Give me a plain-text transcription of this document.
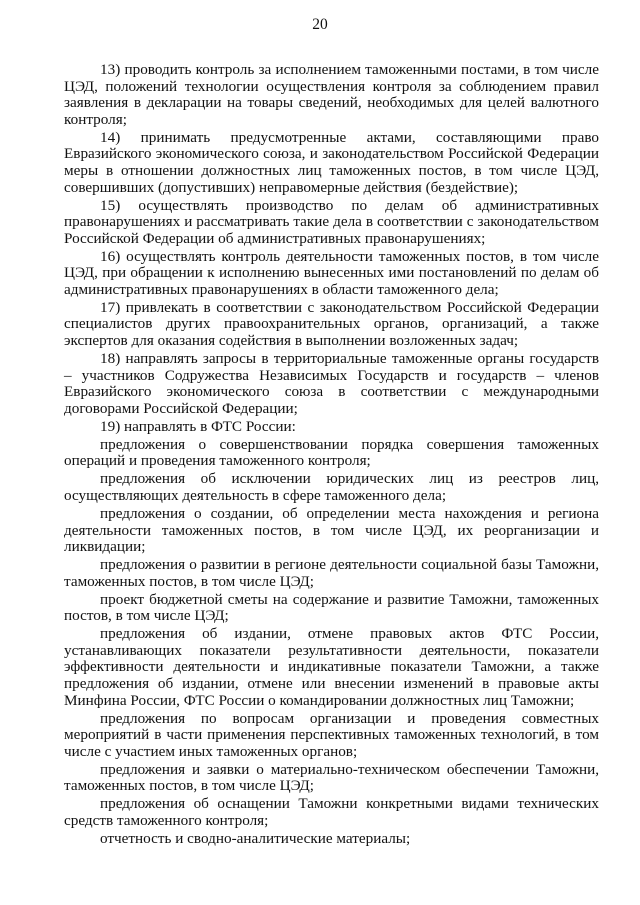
20

13) проводить контроль за исполнением таможенными постами, в том числе ЦЭД, положений технологии осуществления контроля за соблюдением правил заявления в декларации на товары сведений, необходимых для целей валютного контроля;

14) принимать предусмотренные актами, составляющими право Евразийского экономического союза, и законодательством Российской Федерации меры в отношении должностных лиц таможенных постов, в том числе ЦЭД, совершивших (допустивших) неправомерные действия (бездействие);

15) осуществлять производство по делам об административных правонарушениях и рассматривать такие дела в соответствии с законодательством Российской Федерации об административных правонарушениях;

16) осуществлять контроль деятельности таможенных постов, в том числе ЦЭД, при обращении к исполнению вынесенных ими постановлений по делам об административных правонарушениях в области таможенного дела;

17) привлекать в соответствии с законодательством Российской Федерации специалистов других правоохранительных органов, организаций, а также экспертов для оказания содействия в выполнении возложенных задач;

18) направлять запросы в территориальные таможенные органы государств – участников Содружества Независимых Государств и государств – членов Евразийского экономического союза в соответствии с международными договорами Российской Федерации;

19) направлять в ФТС России:

предложения о совершенствовании порядка совершения таможенных операций и проведения таможенного контроля;

предложения об исключении юридических лиц из реестров лиц, осуществляющих деятельность в сфере таможенного дела;

предложения о создании, об определении места нахождения и региона деятельности таможенных постов, в том числе ЦЭД, их реорганизации и ликвидации;

предложения о развитии в регионе деятельности социальной базы Таможни, таможенных постов, в том числе ЦЭД;

проект бюджетной сметы на содержание и развитие Таможни, таможенных постов, в том числе ЦЭД;

предложения об издании, отмене правовых актов ФТС России, устанавливающих показатели результативности деятельности, показатели эффективности деятельности и индикативные показатели Таможни, а также предложения об издании, отмене или внесении изменений в правовые акты Минфина России, ФТС России о командировании должностных лиц Таможни;

предложения по вопросам организации и проведения совместных мероприятий в части применения перспективных таможенных технологий, в том числе с участием иных таможенных органов;

предложения и заявки о материально-техническом обеспечении Таможни, таможенных постов, в том числе ЦЭД;

предложения об оснащении Таможни конкретными видами технических средств таможенного контроля;

отчетность и сводно-аналитические материалы;
